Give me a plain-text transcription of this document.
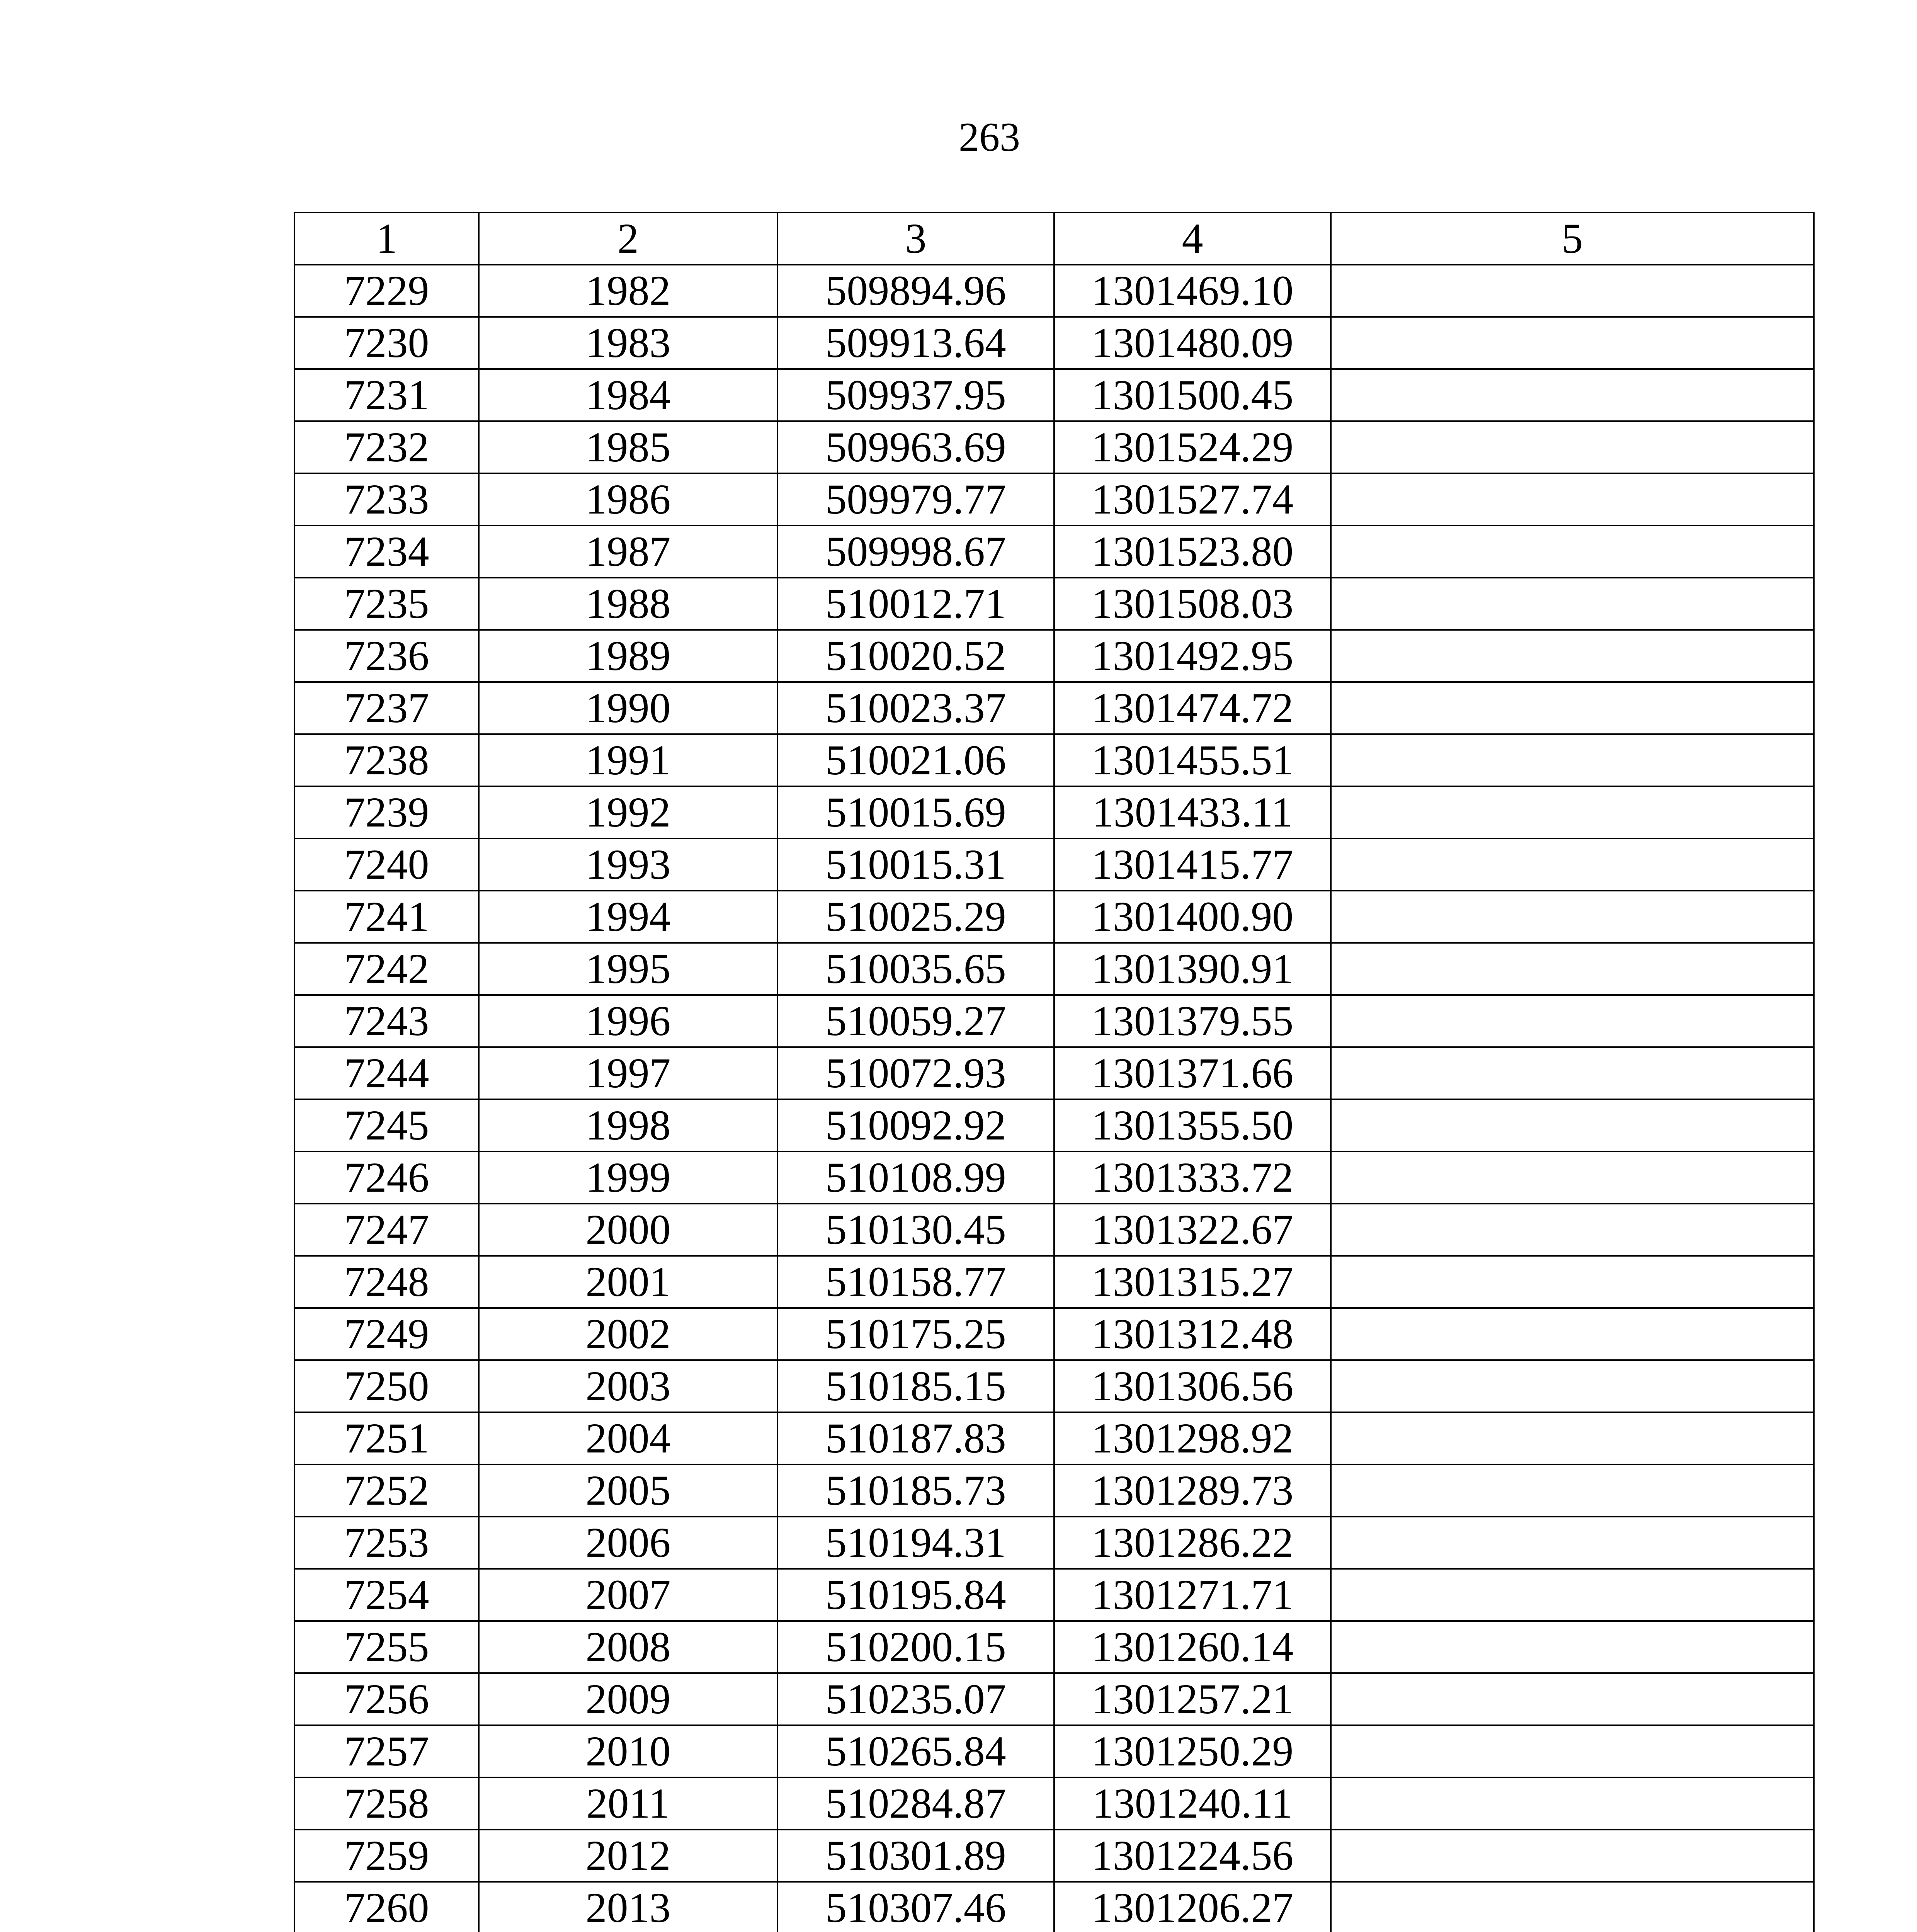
263
1	2	3	4	5
7229	1982	509894.96	1301469.10	
7230	1983	509913.64	1301480.09	
7231	1984	509937.95	1301500.45	
7232	1985	509963.69	1301524.29	
7233	1986	509979.77	1301527.74	
7234	1987	509998.67	1301523.80	
7235	1988	510012.71	1301508.03	
7236	1989	510020.52	1301492.95	
7237	1990	510023.37	1301474.72	
7238	1991	510021.06	1301455.51	
7239	1992	510015.69	1301433.11	
7240	1993	510015.31	1301415.77	
7241	1994	510025.29	1301400.90	
7242	1995	510035.65	1301390.91	
7243	1996	510059.27	1301379.55	
7244	1997	510072.93	1301371.66	
7245	1998	510092.92	1301355.50	
7246	1999	510108.99	1301333.72	
7247	2000	510130.45	1301322.67	
7248	2001	510158.77	1301315.27	
7249	2002	510175.25	1301312.48	
7250	2003	510185.15	1301306.56	
7251	2004	510187.83	1301298.92	
7252	2005	510185.73	1301289.73	
7253	2006	510194.31	1301286.22	
7254	2007	510195.84	1301271.71	
7255	2008	510200.15	1301260.14	
7256	2009	510235.07	1301257.21	
7257	2010	510265.84	1301250.29	
7258	2011	510284.87	1301240.11	
7259	2012	510301.89	1301224.56	
7260	2013	510307.46	1301206.27	
